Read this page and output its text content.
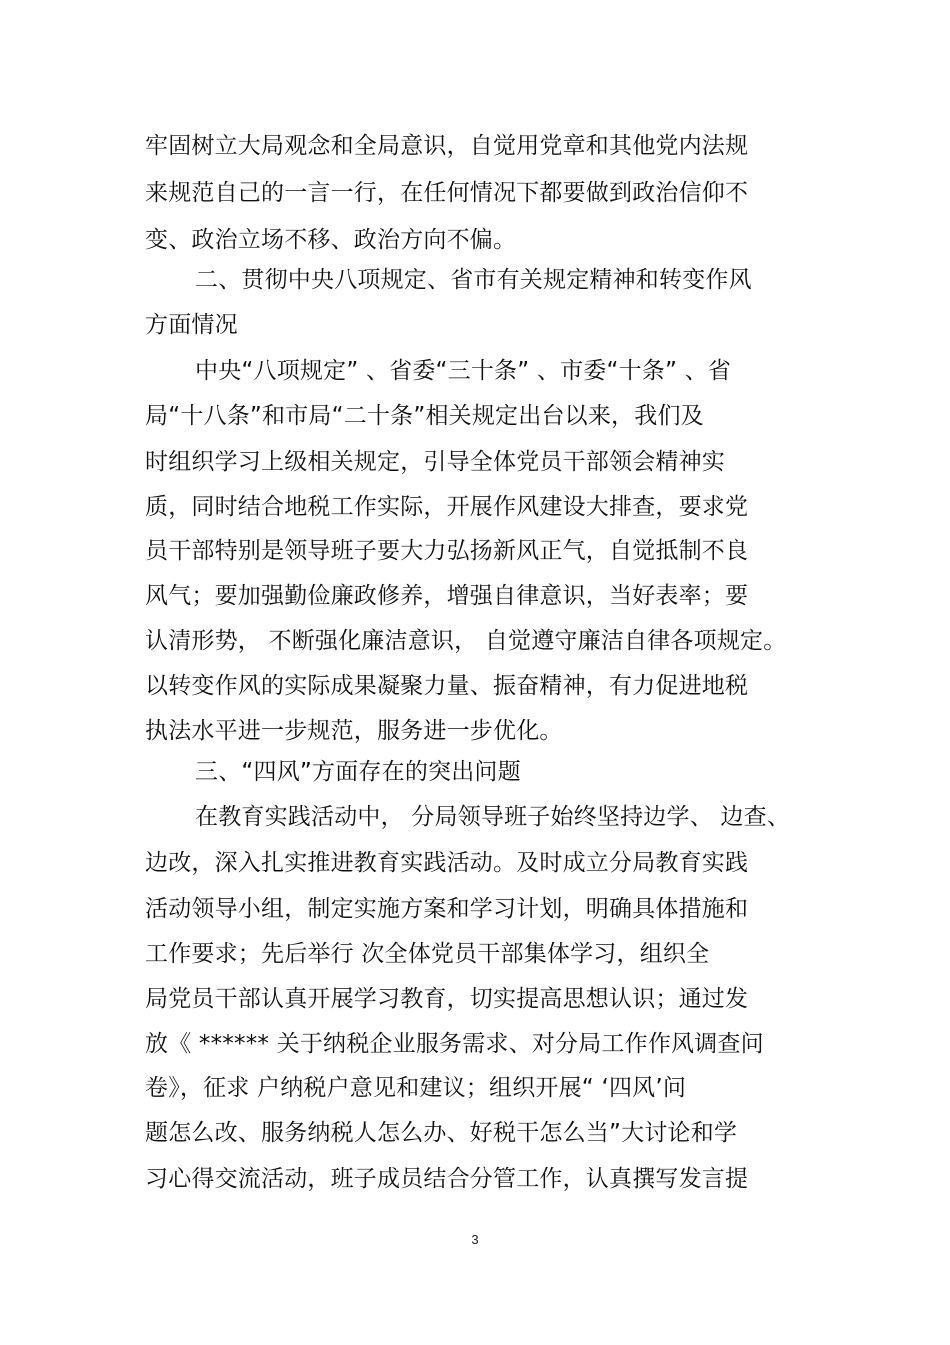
牢固树立大局观念和全局意识，自觉用党章和其他党内法规
来规范自己的一言一行，在任何情况下都要做到政治信仰不
变、政治立场不移、政治方向不偏。
二、贯彻中央八项规定、省市有关规定精神和转变作风
方面情况
中央“八项规定” 、省委“三十条” 、市委“十条” 、省
局“十八条”和市局“二十条”相关规定出台以来，我们及
时组织学习上级相关规定，引导全体党员干部领会精神实
质，同时结合地税工作实际，开展作风建设大排查，要求党
员干部特别是领导班子要大力弘扬新风正气，自觉抵制不良
风气；要加强勤俭廉政修养，增强自律意识，当好表率；要
认清形势， 不断强化廉洁意识， 自觉遵守廉洁自律各项规定。
以转变作风的实际成果凝聚力量、振奋精神，有力促进地税
执法水平进一步规范，服务进一步优化。
三、“四风”方面存在的突出问题
在教育实践活动中， 分局领导班子始终坚持边学、 边查、
边改，深入扎实推进教育实践活动。及时成立分局教育实践
活动领导小组，制定实施方案和学习计划，明确具体措施和
工作要求；先后举行 次全体党员干部集体学习，组织全
局党员干部认真开展学习教育，切实提高思想认识；通过发
放《 ****** 关于纳税企业服务需求、对分局工作作风调查问
卷》，征求 户纳税户意见和建议；组织开展“ ‘四风’问
题怎么改、服务纳税人怎么办、好税干怎么当”大讨论和学
习心得交流活动，班子成员结合分管工作，认真撰写发言提
3
